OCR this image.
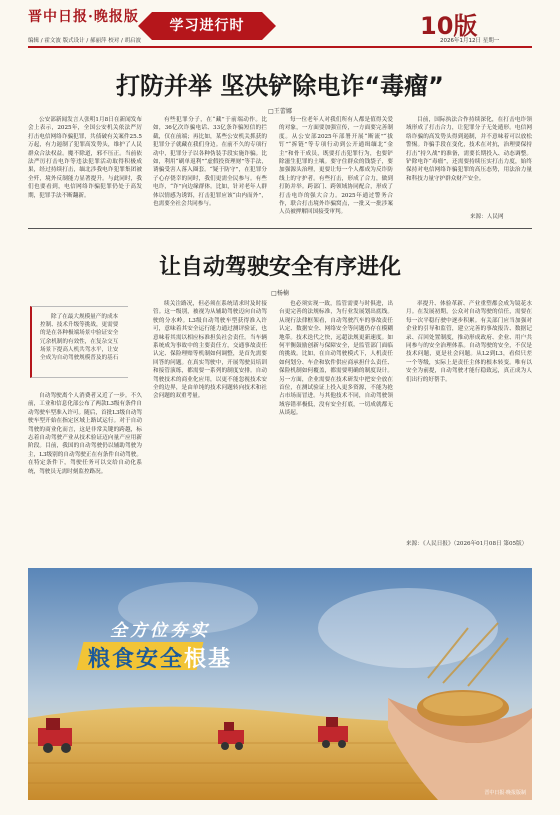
晋中日报·晚报版
学习进行时	10版
编辑 / 霍文波 版式设计 / 郝丽萍 校对 / 胡启波	2026年1月12日 星期一
打防并举 坚决铲除电诈“毒瘤”
□王蕾娜

公安部新闻发言人张明1月8日在新闻发布会上表示，2025年，全国公安机关依法严厉打击电信网络诈骗犯罪，共侦破有关案件25.5万起，有力遏制了犯罪高发势头，维护了人民群众合法权益。魔不除道，邪不压正。当前依法严厉打击电诈等违法犯罪活动取得积极成果，经过持续打击，缅北涉我电诈犯罪集团被全歼，境外反制能力显著提升。与此同时，我们也要看到，电信网络诈骗犯罪仍处于高发期，犯罪手法不断翻新。

有些犯罪分子，在“藏”于前端动作。比如，36亿次诈骗电话、33亿条诈骗短信的拦截，仅在前端；再比如，某些公安机关抓获的犯罪分子就藏在我们身边。在前不久的专项行动中，犯罪分子以各种伪装手段实施诈骗。比如，利用“刷单返利”“虚假投资理财”等手法，诱骗受害人落入圈套。“疑于防守”，在犯罪分子心存侥幸的同时，我们更需全民参与。有些电诈，“诈”向边缘群体。比如，针对老年人群体以情感为诱饵，打击犯罪应该“由内而外”，也需要全社会共同参与。

每一位老年人对我们所有人都是值得关爱的对象，一方面要加强宣传，一方面要完善制度。从公安部2025年部署开展“断流”“拔钉”“拆链”等专项行动到公开通缉缅北“金主”和骨干成员，既要打击犯罪行为，也要铲除滋生犯罪的土壤。要守住群众的钱袋子，要加强源头治理，更要让每一个人都成为反诈防线上的守护者。有些打击，形成了合力，做到打防并举。跨部门、跨领域协同配合，形成了打击电诈的强大合力。2025年通过警务合作，联合打击境外诈骗窝点，一批又一批涉案人员被押解回国接受审判。

目前，国际执法合作持续深化，在打击电诈领域形成了打击合力，让犯罪分子无处遁形。电信网络诈骗的高发势头得到遏制，并不意味着可以放松警惕。诈骗手段在变化，技术在对抗，治理要保持打击“持久战”的准备，需要长期投入、动态调整。铲除电诈“毒瘤”，还需要持续压实打击力度，始终保持对电信网络诈骗犯罪的高压态势，用法治力量和科技力量守护群众财产安全。

来源：人民网
让自动驾驶安全有序进化
□杨楠
除了在最大规模量产的成本控制、技术升级等挑战，更需要的是在各种极端场景中验证安全冗余机制的有效性，在复杂交互场景下提高人机共驾水平，让安全成为自动驾驶规模普及的基石

自动驾驶离个人消费者又近了一步。不久前，工业和信息化部公布了两款L3级有条件自动驾驶车型准入许可。随后，首批L3级自动驾驶车型开始在指定区域上路试运行。对于自动驾驶的商业化而言，这是非常关键的跨越，标志着自动驾驶产业从技术验证迈向量产应用新阶段。目前，我国的自动驾驶仍以辅助驾驶为主，L3级别的自动驾驶正在有条件自动驾驶。在特定条件下，驾驶任务可以交给自动化系统，驾驶员无需时刻监控路况。

续关注路况，但必须在系统请求时及时接管。这一级别，被视为从辅助驾驶迈向自动驾驶的分水岭。L3级自动驾驶车型获得准入许可，意味着其安全运行能力通过测评验证，也意味着其需以相应标准担负社会责任。当车辆系统成为事故中的主要责任方，交通事故责任认定、保险理赔等机制如何调整，是首先需要回答的问题。在真实驾驶中，开展驾驶员培训和接管演练，都需要一系列的制度安排。自动驾驶技术的商业化应用，以更不能忽视技术安全的边界，是由单纯的技术问题转向技术和社会问题的双重考量。

也必须实现一致，监管需要与时俱进，出台更完善的法规标准，为行业发展划出底线。从现行法律框架看，自动驾驶汽车的事故责任认定、数据安全、网络安全等问题仍存在模糊地带。技术迭代之快，远超法规更新速度。如何平衡鼓励创新与保障安全，是监管部门面临的挑战。比如，在自动驾驶模式下，人机责任如何划分、车企和软件供应商承担什么责任、保险机制如何覆盖，都需要明确的制度设计。另一方面，企业需要在技术研发中把安全放在首位，在测试验证上投入更多资源，不能为抢占市场而冒进。与其他技术不同，自动驾驶领域容错率极低，没有安全打底，一切成就都无从谈起。

率提升、体验革新、产业重塑都会成为镜花水月。在发展初期，公众对自动驾驶的信任，需要在每一次平稳行驶中逐步积累。有关部门应当加强对企业的引导和监管，建立完善的事故报告、数据记录、召回处置制度，推动形成政府、企业、用户共同参与的安全治理体系。自动驾驶的安全，不仅是技术问题，更是社会问题。从L2到L3，看似只差一个等级，实际上是责任主体的根本转变。唯有以安全为前提，自动驾驶才能行稳致远，真正成为人们出行的好帮手。

来源：《人民日报》（2026年01月08日 第05版）
全方位夯实
粮食安全根基
晋中日报·晚报版制
